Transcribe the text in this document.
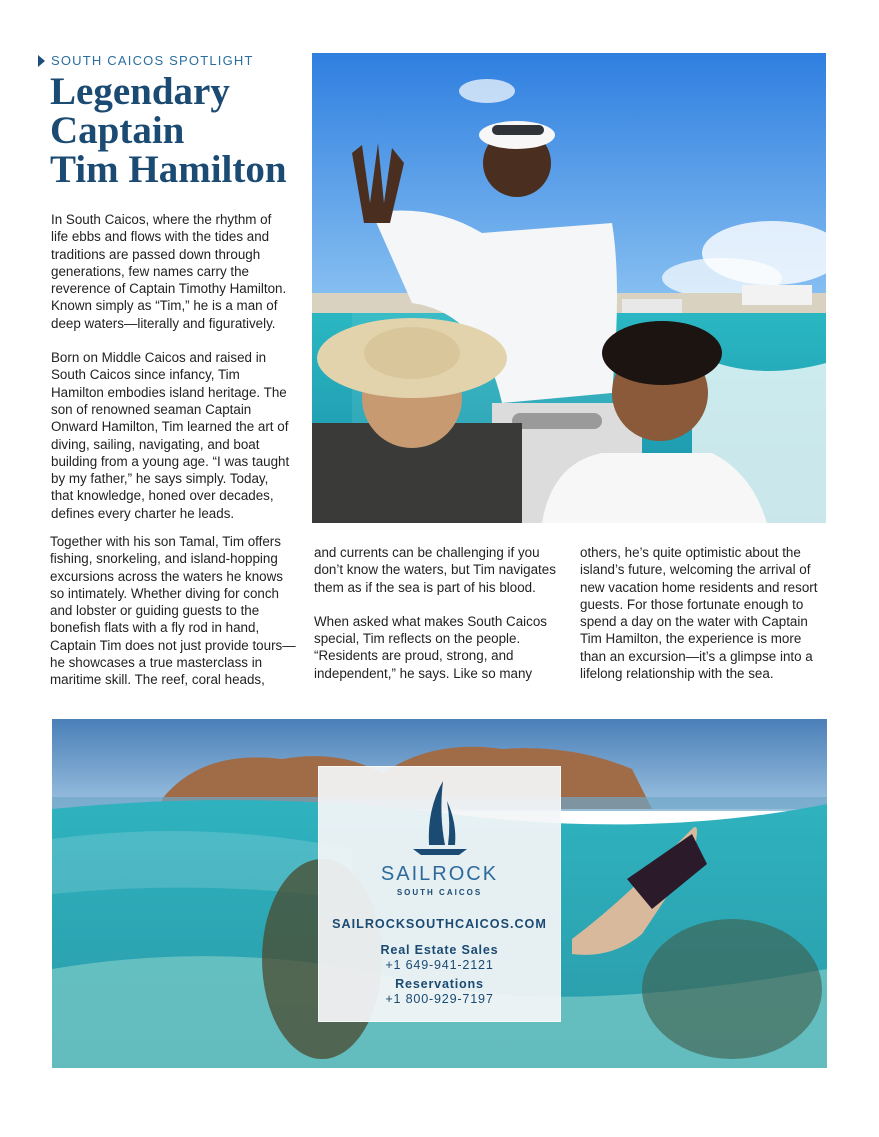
SOUTH CAICOS SPOTLIGHT
Legendary
Captain
Tim Hamilton

In South Caicos, where the rhythm of life ebbs and flows with the tides and traditions are passed down through generations, few names carry the reverence of Captain Timothy Hamilton. Known simply as “Tim,” he is a man of deep waters—literally and figuratively.

Born on Middle Caicos and raised in South Caicos since infancy, Tim Hamilton embodies island heritage. The son of renowned seaman Captain Onward Hamilton, Tim learned the art of diving, sailing, navigating, and boat building from a young age. “I was taught by my father,” he says simply. Today, that knowledge, honed over decades, defines every charter he leads.

Together with his son Tamal, Tim offers fishing, snorkeling, and island-hopping excursions across the waters he knows so intimately. Whether diving for conch and lobster or guiding guests to the bonefish flats with a fly rod in hand, Captain Tim does not just provide tours—he showcases a true masterclass in maritime skill. The reef, coral heads,

and currents can be challenging if you don’t know the waters, but Tim navigates them as if the sea is part of his blood.

When asked what makes South Caicos special, Tim reflects on the people. “Residents are proud, strong, and independent,” he says. Like so many

others, he’s quite optimistic about the island’s future, welcoming the arrival of new vacation home residents and resort guests. For those fortunate enough to spend a day on the water with Captain Tim Hamilton, the experience is more than an excursion—it’s a glimpse into a lifelong relationship with the sea.

SAILROCK
SOUTH CAICOS
SAILROCKSOUTHCAICOS.COM
Real Estate Sales
+1 649-941-2121
Reservations
+1 800-929-7197
